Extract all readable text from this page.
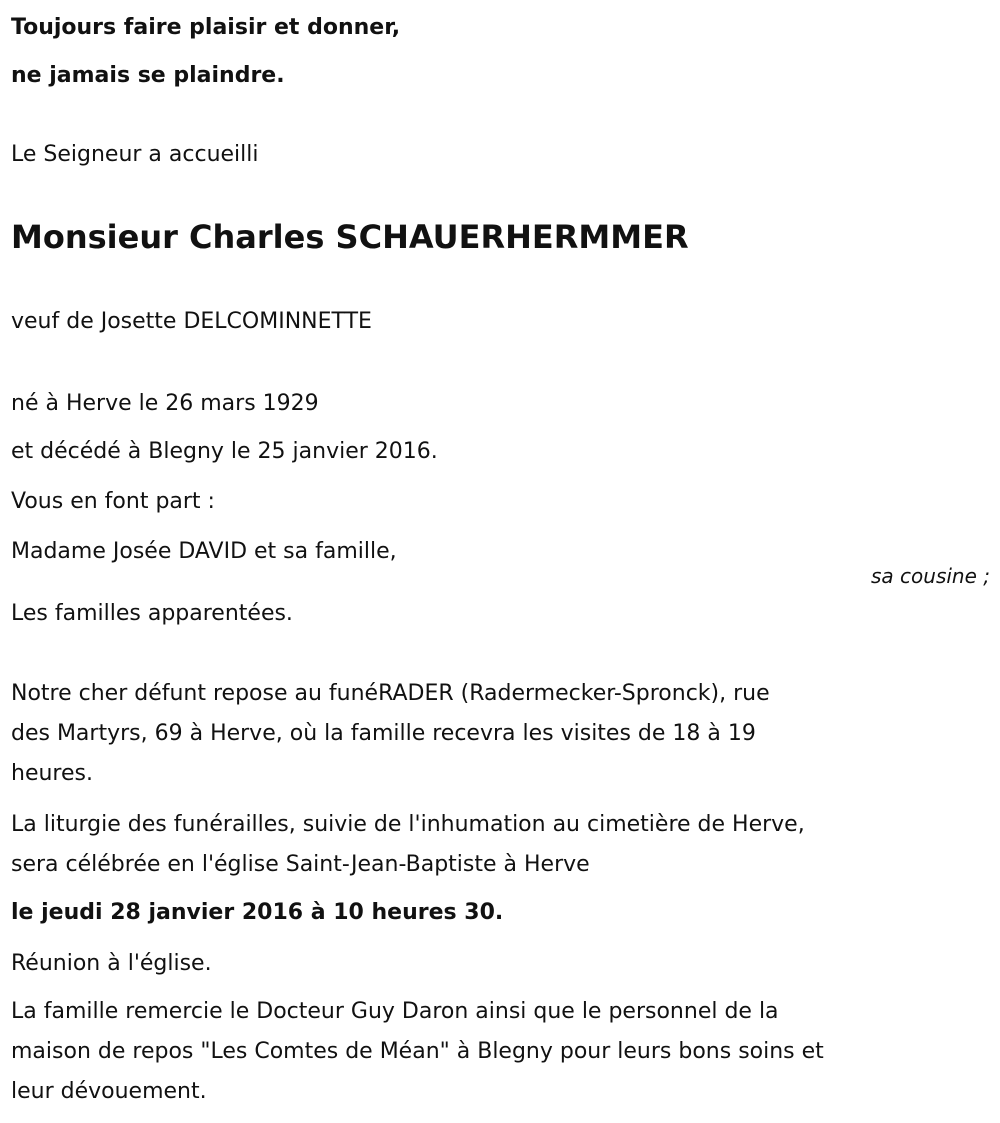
Toujours faire plaisir et donner,
ne jamais se plaindre.
Le Seigneur a accueilli
Monsieur Charles SCHAUERHERMMER
veuf de Josette DELCOMINNETTE
né à Herve le 26 mars 1929
et décédé à Blegny le 25 janvier 2016.
Vous en font part :
Madame Josée DAVID et sa famille,
sa cousine ;
Les familles apparentées.
Notre cher défunt repose au funéRADER (Radermecker-Spronck), rue
des Martyrs, 69 à Herve, où la famille recevra les visites de 18 à 19
heures.
La liturgie des funérailles, suivie de l'inhumation au cimetière de Herve,
sera célébrée en l'église Saint-Jean-Baptiste à Herve
le jeudi 28 janvier 2016 à 10 heures 30.
Réunion à l'église.
La famille remercie le Docteur Guy Daron ainsi que le personnel de la
maison de repos "Les Comtes de Méan" à Blegny pour leurs bons soins et
leur dévouement.
